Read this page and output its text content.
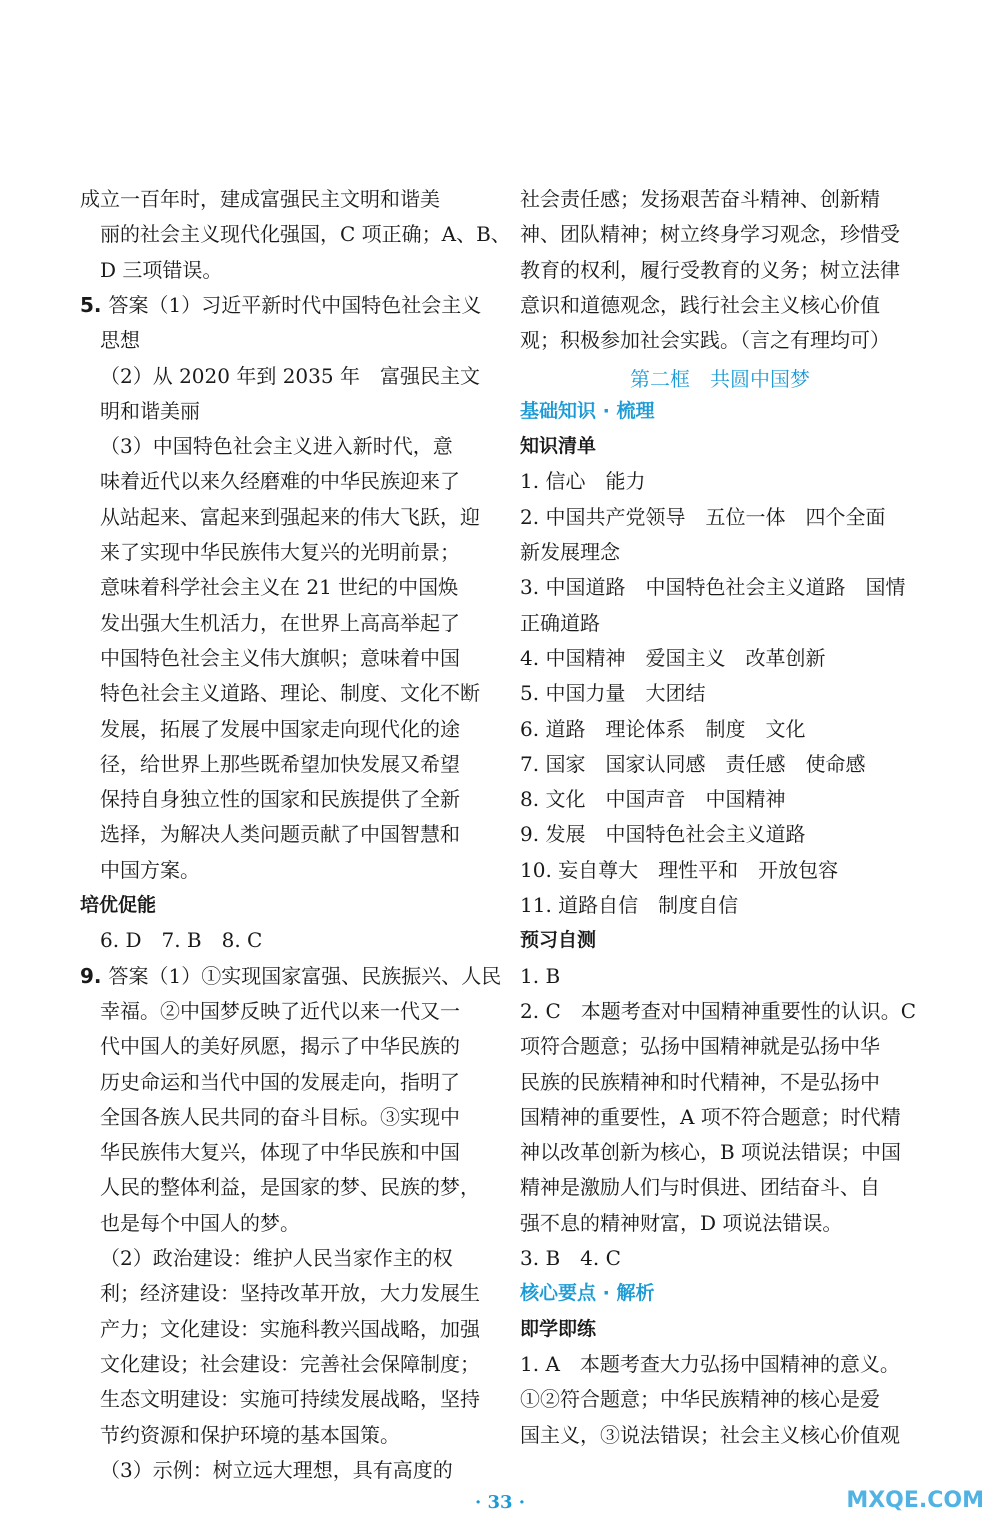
成立一百年时，建成富强民主文明和谐美
丽的社会主义现代化强国，C 项正确；A、B、
D 三项错误。
5. 答案（1）习近平新时代中国特色社会主义
思想
（2）从 2020 年到 2035 年　富强民主文
明和谐美丽
（3）中国特色社会主义进入新时代，意
味着近代以来久经磨难的中华民族迎来了
从站起来、富起来到强起来的伟大飞跃，迎
来了实现中华民族伟大复兴的光明前景；
意味着科学社会主义在 21 世纪的中国焕
发出强大生机活力，在世界上高高举起了
中国特色社会主义伟大旗帜；意味着中国
特色社会主义道路、理论、制度、文化不断
发展，拓展了发展中国家走向现代化的途
径，给世界上那些既希望加快发展又希望
保持自身独立性的国家和民族提供了全新
选择，为解决人类问题贡献了中国智慧和
中国方案。
培优促能
6. D　7. B　8. C
9. 答案（1）①实现国家富强、民族振兴、人民
幸福。②中国梦反映了近代以来一代又一
代中国人的美好夙愿，揭示了中华民族的
历史命运和当代中国的发展走向，指明了
全国各族人民共同的奋斗目标。③实现中
华民族伟大复兴，体现了中华民族和中国
人民的整体利益，是国家的梦、民族的梦，
也是每个中国人的梦。
（2）政治建设：维护人民当家作主的权
利；经济建设：坚持改革开放，大力发展生
产力；文化建设：实施科教兴国战略，加强
文化建设；社会建设：完善社会保障制度；
生态文明建设：实施可持续发展战略，坚持
节约资源和保护环境的基本国策。
（3）示例：树立远大理想，具有高度的
社会责任感；发扬艰苦奋斗精神、创新精
神、团队精神；树立终身学习观念，珍惜受
教育的权利，履行受教育的义务；树立法律
意识和道德观念，践行社会主义核心价值
观；积极参加社会实践。（言之有理均可）
第二框　共圆中国梦
基础知识 · 梳理
知识清单
1. 信心　能力
2. 中国共产党领导　五位一体　四个全面
新发展理念
3. 中国道路　中国特色社会主义道路　国情
正确道路
4. 中国精神　爱国主义　改革创新
5. 中国力量　大团结
6. 道路　理论体系　制度　文化
7. 国家　国家认同感　责任感　使命感
8. 文化　中国声音　中国精神
9. 发展　中国特色社会主义道路
10. 妄自尊大　理性平和　开放包容
11. 道路自信　制度自信
预习自测
1. B
2. C　本题考查对中国精神重要性的认识。C
项符合题意；弘扬中国精神就是弘扬中华
民族的民族精神和时代精神，不是弘扬中
国精神的重要性，A 项不符合题意；时代精
神以改革创新为核心，B 项说法错误；中国
精神是激励人们与时俱进、团结奋斗、自
强不息的精神财富，D 项说法错误。
3. B　4. C
核心要点 · 解析
即学即练
1. A　本题考查大力弘扬中国精神的意义。
①②符合题意；中华民族精神的核心是爱
国主义，③说法错误；社会主义核心价值观
· 33 ·	MXQE.COM
